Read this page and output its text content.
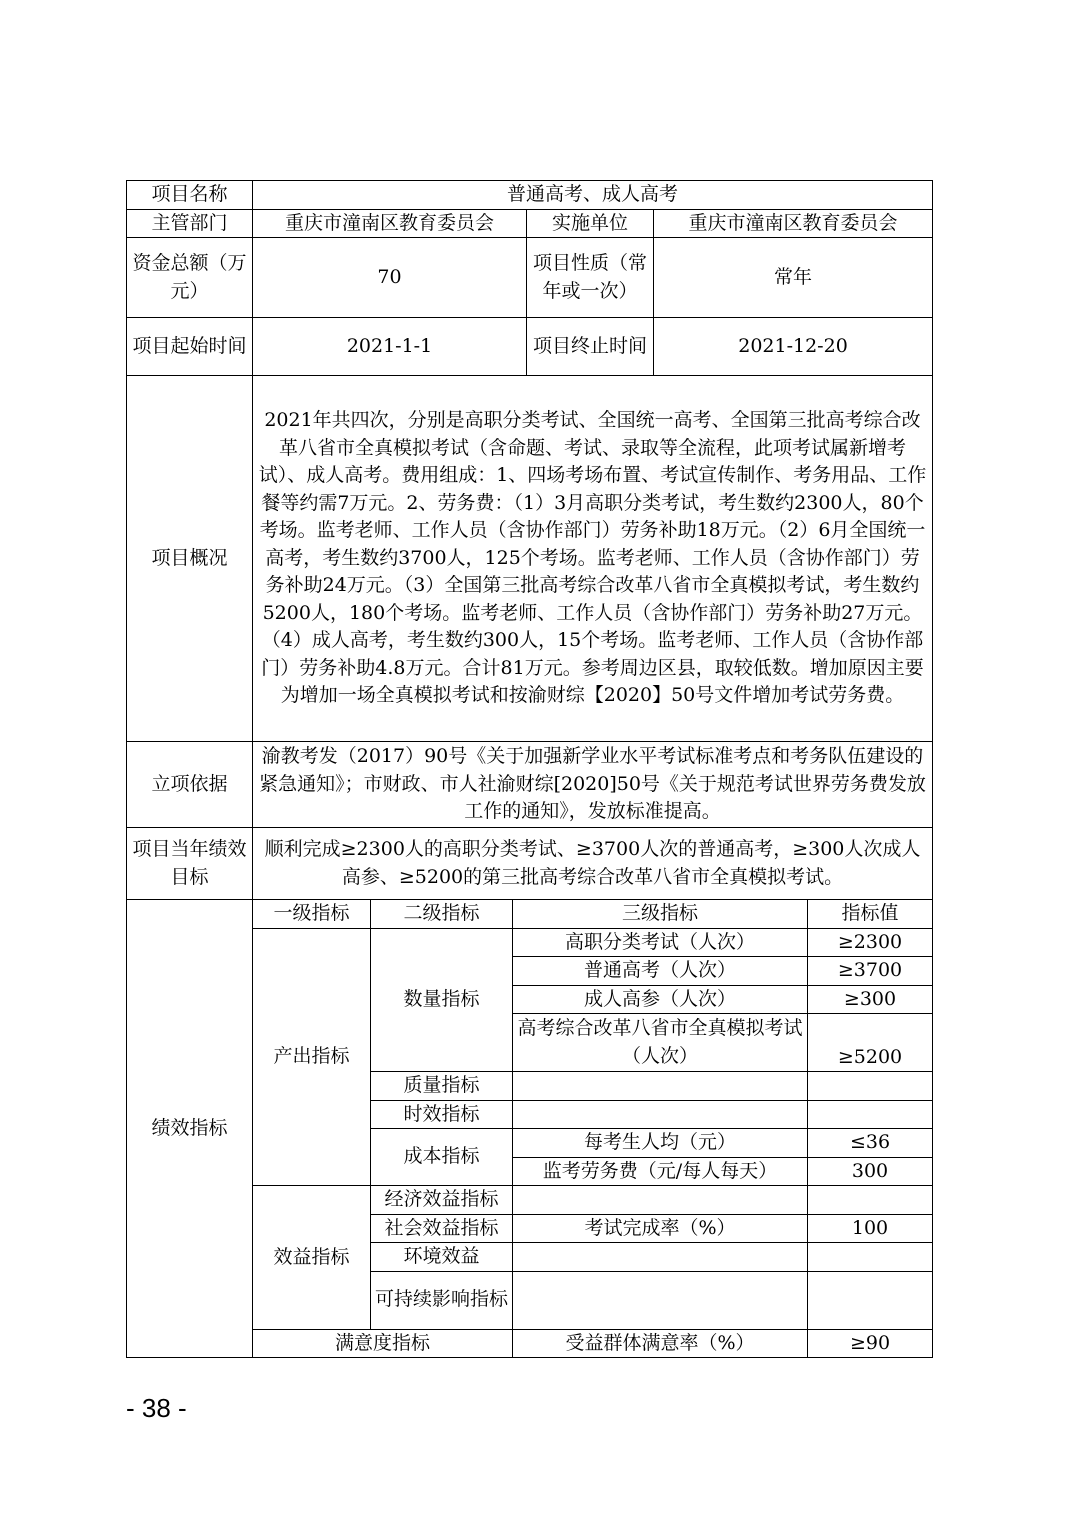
项目名称	普通高考、成人高考					
主管部门	重庆市潼南区教育委员会			实施单位	重庆市潼南区教育委员会	
资金总额（万元）	70			项目性质（常年或一次）	常年	
项目起始时间	2021-1-1			项目终止时间	2021-12-20	
项目概况	2021年共四次，分别是高职分类考试、全国统一高考、全国第三批高考综合改革八省市全真模拟考试（含命题、考试、录取等全流程，此项考试属新增考试）、成人高考。费用组成：1、四场考场布置、考试宣传制作、考务用品、工作餐等约需7万元。2、劳务费：（1）3月高职分类考试，考生数约2300人，80个考场。监考老师、工作人员（含协作部门）劳务补助18万元。（2）6月全国统一高考，考生数约3700人，125个考场。监考老师、工作人员（含协作部门）劳务补助24万元。（3）全国第三批高考综合改革八省市全真模拟考试，考生数约5200人，180个考场。监考老师、工作人员（含协作部门）劳务补助27万元。（4）成人高考，考生数约300人，15个考场。监考老师、工作人员（含协作部门）劳务补助4.8万元。合计81万元。参考周边区县，取较低数。增加原因主要为增加一场全真模拟考试和按渝财综【2020】50号文件增加考试劳务费。					
立项依据	渝教考发（2017）90号《关于加强新学业水平考试标准考点和考务队伍建设的紧急通知》；市财政、市人社渝财综[2020]50号《关于规范考试世界劳务费发放工作的通知》，发放标准提高。					
项目当年绩效目标	顺利完成≥2300人的高职分类考试、≥3700人次的普通高考，≥300人次成人高参、≥5200的第三批高考综合改革八省市全真模拟考试。					
绩效指标	一级指标	二级指标	三级指标			指标值
	产出指标	数量指标	高职分类考试（人次）			≥2300
			普通高考（人次）			≥3700
			成人高参（人次）			≥300
			高考综合改革八省市全真模拟考试（人次）			≥5200
		质量指标				
		时效指标				
		成本指标	每考生人均（元）			≤36
			监考劳务费（元/每人每天）			300
	效益指标	经济效益指标				
		社会效益指标	考试完成率（%）			100
		环境效益				
		可持续影响指标				
	满意度指标		受益群体满意率（%）			≥90
- 38 -
